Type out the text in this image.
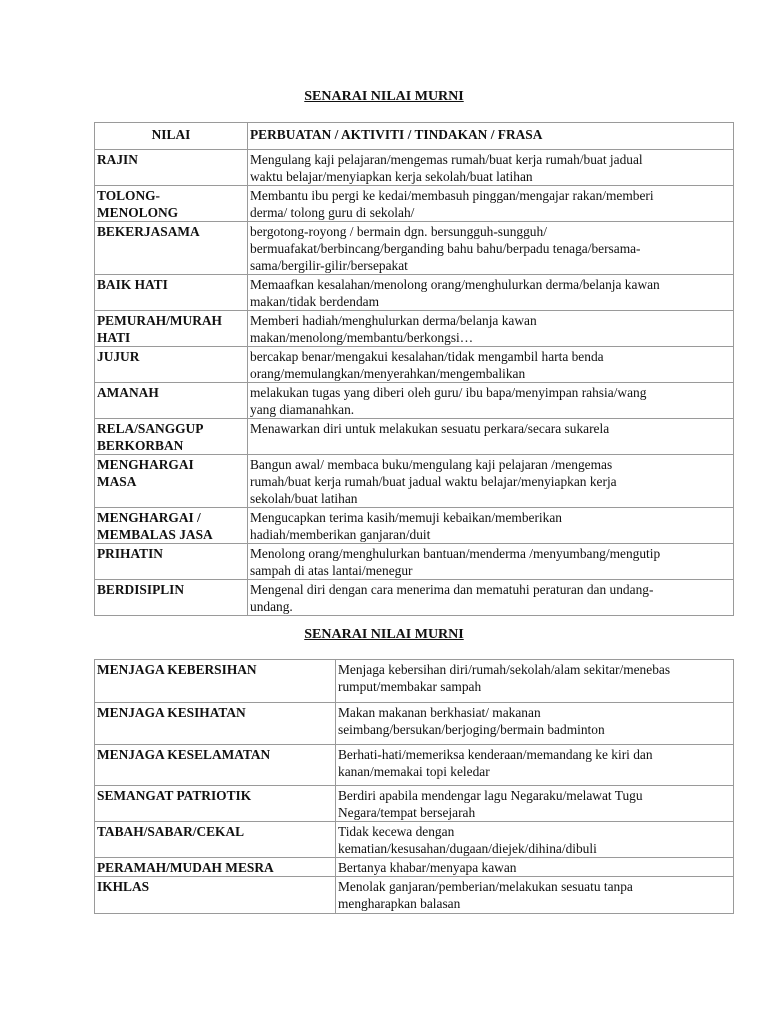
SENARAI NILAI MURNI
NILAI	PERBUATAN / AKTIVITI / TINDAKAN / FRASA
RAJIN	Mengulang kaji pelajaran/mengemas rumah/buat kerja rumah/buat jadual
waktu belajar/menyiapkan kerja sekolah/buat latihan
TOLONG-
MENOLONG	Membantu ibu pergi ke kedai/membasuh pinggan/mengajar rakan/memberi
derma/ tolong guru di sekolah/
BEKERJASAMA	bergotong-royong / bermain dgn. bersungguh-sungguh/
bermuafakat/berbincang/berganding bahu bahu/berpadu tenaga/bersama-
sama/bergilir-gilir/bersepakat
BAIK HATI	Memaafkan kesalahan/menolong orang/menghulurkan derma/belanja kawan
makan/tidak berdendam
PEMURAH/MURAH
HATI	Memberi hadiah/menghulurkan derma/belanja kawan
makan/menolong/membantu/berkongsi…
JUJUR	bercakap benar/mengakui kesalahan/tidak mengambil harta benda
orang/memulangkan/menyerahkan/mengembalikan
AMANAH	melakukan tugas yang diberi oleh guru/ ibu bapa/menyimpan rahsia/wang
yang diamanahkan.
RELA/SANGGUP
BERKORBAN	Menawarkan diri untuk melakukan sesuatu perkara/secara sukarela
MENGHARGAI
MASA	Bangun awal/ membaca buku/mengulang kaji pelajaran /mengemas
rumah/buat kerja rumah/buat jadual waktu belajar/menyiapkan kerja
sekolah/buat latihan
MENGHARGAI /
MEMBALAS JASA	Mengucapkan terima kasih/memuji kebaikan/memberikan
hadiah/memberikan ganjaran/duit
PRIHATIN	Menolong orang/menghulurkan bantuan/menderma /menyumbang/mengutip
sampah di atas lantai/menegur
BERDISIPLIN	Mengenal diri dengan cara menerima dan mematuhi peraturan dan undang-
undang.
SENARAI NILAI MURNI
MENJAGA KEBERSIHAN	Menjaga kebersihan diri/rumah/sekolah/alam sekitar/menebas
rumput/membakar sampah
MENJAGA KESIHATAN	Makan makanan berkhasiat/ makanan
seimbang/bersukan/berjoging/bermain badminton
MENJAGA KESELAMATAN	Berhati-hati/memeriksa kenderaan/memandang ke kiri dan
kanan/memakai topi keledar
SEMANGAT PATRIOTIK	Berdiri apabila mendengar lagu Negaraku/melawat Tugu
Negara/tempat bersejarah
TABAH/SABAR/CEKAL	Tidak kecewa dengan
kematian/kesusahan/dugaan/diejek/dihina/dibuli
PERAMAH/MUDAH MESRA	Bertanya khabar/menyapa kawan
IKHLAS	Menolak ganjaran/pemberian/melakukan sesuatu tanpa
mengharapkan balasan
